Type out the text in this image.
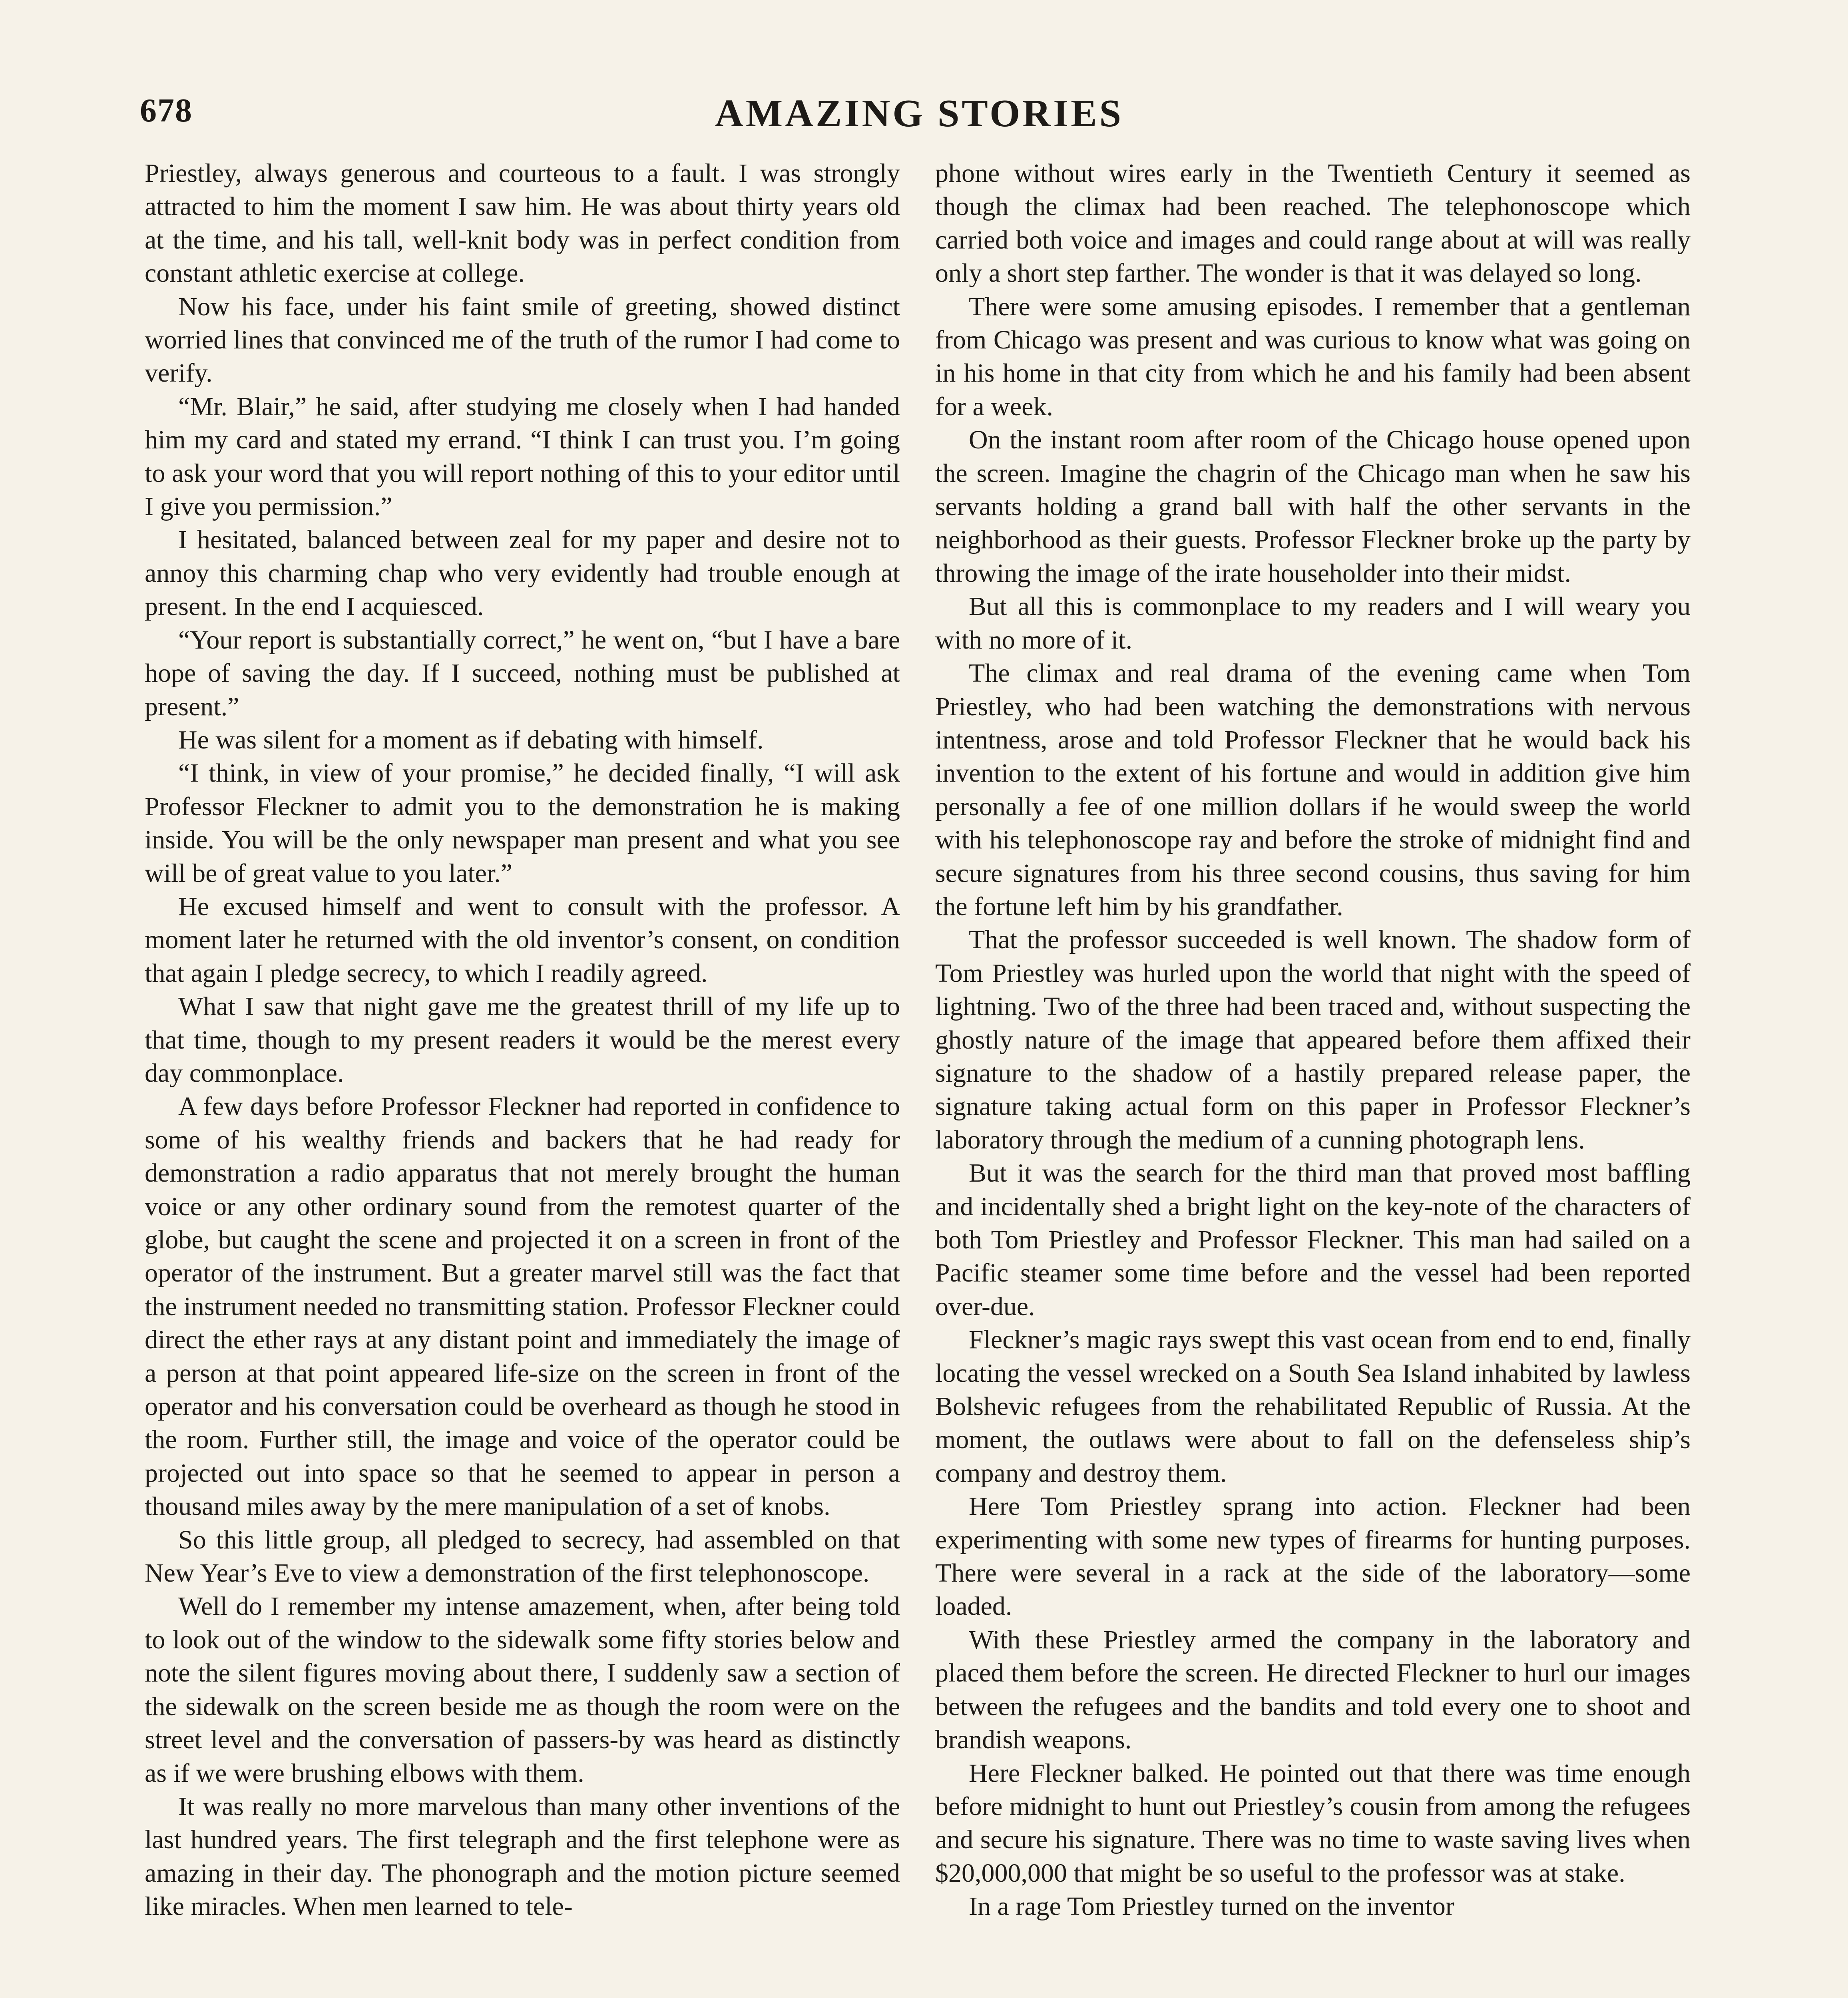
678	AMAZING STORIES

Priestley, always generous and courteous to a fault. I was strongly attracted to him the moment I saw him. He was about thirty years old at the time, and his tall, well-knit body was in perfect condition from constant athletic exercise at college.

Now his face, under his faint smile of greeting, showed distinct worried lines that convinced me of the truth of the rumor I had come to verify.

“Mr. Blair,” he said, after studying me closely when I had handed him my card and stated my errand. “I think I can trust you. I’m going to ask your word that you will report nothing of this to your editor until I give you permission.”

I hesitated, balanced between zeal for my paper and desire not to annoy this charming chap who very evidently had trouble enough at present. In the end I acquiesced.

“Your report is substantially correct,” he went on, “but I have a bare hope of saving the day. If I succeed, nothing must be published at present.”

He was silent for a moment as if debating with himself.

“I think, in view of your promise,” he decided finally, “I will ask Professor Fleckner to admit you to the demonstration he is making inside. You will be the only newspaper man present and what you see will be of great value to you later.”

He excused himself and went to consult with the professor. A moment later he returned with the old inventor’s consent, on condition that again I pledge secrecy, to which I readily agreed.

What I saw that night gave me the greatest thrill of my life up to that time, though to my present readers it would be the merest every day commonplace.

A few days before Professor Fleckner had reported in confidence to some of his wealthy friends and backers that he had ready for demonstration a radio apparatus that not merely brought the human voice or any other ordinary sound from the remotest quarter of the globe, but caught the scene and projected it on a screen in front of the operator of the instrument. But a greater marvel still was the fact that the instrument needed no transmitting station. Professor Fleckner could direct the ether rays at any distant point and immediately the image of a person at that point appeared life-size on the screen in front of the operator and his conversation could be overheard as though he stood in the room. Further still, the image and voice of the operator could be projected out into space so that he seemed to appear in person a thousand miles away by the mere manipulation of a set of knobs.

So this little group, all pledged to secrecy, had assembled on that New Year’s Eve to view a demonstration of the first telephonoscope.

Well do I remember my intense amazement, when, after being told to look out of the window to the sidewalk some fifty stories below and note the silent figures moving about there, I suddenly saw a section of the sidewalk on the screen beside me as though the room were on the street level and the conversation of passers-by was heard as distinctly as if we were brushing elbows with them.

It was really no more marvelous than many other inventions of the last hundred years. The first telegraph and the first telephone were as amazing in their day. The phonograph and the motion picture seemed like miracles. When men learned to tele-

phone without wires early in the Twentieth Century it seemed as though the climax had been reached. The telephonoscope which carried both voice and images and could range about at will was really only a short step farther. The wonder is that it was delayed so long.

There were some amusing episodes. I remember that a gentleman from Chicago was present and was curious to know what was going on in his home in that city from which he and his family had been absent for a week.

On the instant room after room of the Chicago house opened upon the screen. Imagine the chagrin of the Chicago man when he saw his servants holding a grand ball with half the other servants in the neighborhood as their guests. Professor Fleckner broke up the party by throwing the image of the irate householder into their midst.

But all this is commonplace to my readers and I will weary you with no more of it.

The climax and real drama of the evening came when Tom Priestley, who had been watching the demonstrations with nervous intentness, arose and told Professor Fleckner that he would back his invention to the extent of his fortune and would in addition give him personally a fee of one million dollars if he would sweep the world with his telephonoscope ray and before the stroke of midnight find and secure signatures from his three second cousins, thus saving for him the fortune left him by his grandfather.

That the professor succeeded is well known. The shadow form of Tom Priestley was hurled upon the world that night with the speed of lightning. Two of the three had been traced and, without suspecting the ghostly nature of the image that appeared before them affixed their signature to the shadow of a hastily prepared release paper, the signature taking actual form on this paper in Professor Fleckner’s laboratory through the medium of a cunning photograph lens.

But it was the search for the third man that proved most baffling and incidentally shed a bright light on the key-note of the characters of both Tom Priestley and Professor Fleckner. This man had sailed on a Pacific steamer some time before and the vessel had been reported over-due.

Fleckner’s magic rays swept this vast ocean from end to end, finally locating the vessel wrecked on a South Sea Island inhabited by lawless Bolshevic refugees from the rehabilitated Republic of Russia. At the moment, the outlaws were about to fall on the defenseless ship’s company and destroy them.

Here Tom Priestley sprang into action. Fleckner had been experimenting with some new types of firearms for hunting purposes. There were several in a rack at the side of the laboratory—some loaded.

With these Priestley armed the company in the laboratory and placed them before the screen. He directed Fleckner to hurl our images between the refugees and the bandits and told every one to shoot and brandish weapons.

Here Fleckner balked. He pointed out that there was time enough before midnight to hunt out Priestley’s cousin from among the refugees and secure his signature. There was no time to waste saving lives when $20,000,000 that might be so useful to the professor was at stake.

In a rage Tom Priestley turned on the inventor
